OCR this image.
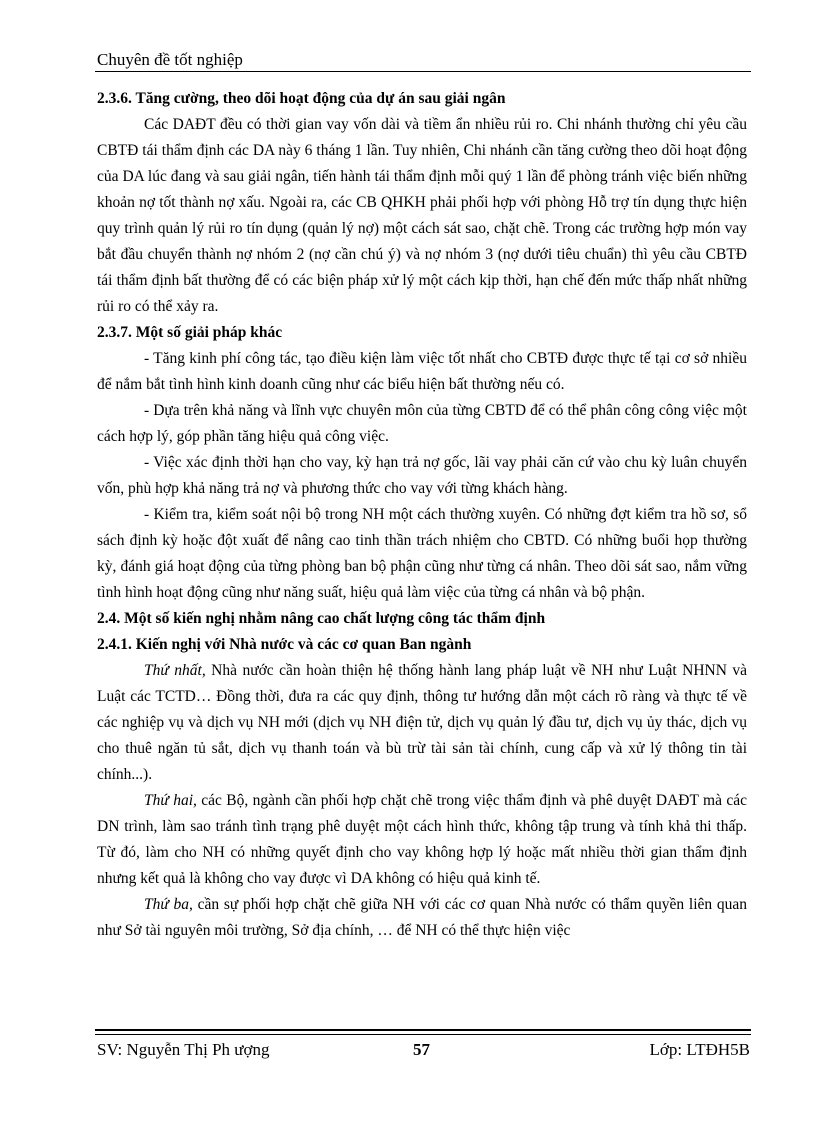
Chuyên đề tốt nghiệp

2.3.6. Tăng cường, theo dõi hoạt động của dự án sau giải ngân

Các DAĐT đều có thời gian vay vốn dài và tiềm ẩn nhiều rủi ro. Chi nhánh thường chỉ yêu cầu CBTĐ tái thẩm định các DA này 6 tháng 1 lần. Tuy nhiên, Chi nhánh cần tăng cường theo dõi hoạt động của DA lúc đang và sau giải ngân, tiến hành tái thẩm định mỗi quý 1 lần để phòng tránh việc biến những khoản nợ tốt thành nợ xấu. Ngoài ra, các CB QHKH phải phối hợp với phòng Hỗ trợ tín dụng thực hiện quy trình quản lý rủi ro tín dụng (quản lý nợ) một cách sát sao, chặt chẽ. Trong các trường hợp món vay bắt đầu chuyển thành nợ nhóm 2 (nợ cần chú ý) và nợ nhóm 3 (nợ dưới tiêu chuẩn) thì yêu cầu CBTĐ tái thẩm định bất thường để có các biện pháp xử lý một cách kịp thời, hạn chế đến mức thấp nhất những rủi ro có thể xảy ra.

2.3.7. Một số giải pháp khác

- Tăng kinh phí công tác, tạo điều kiện làm việc tốt nhất cho CBTĐ được thực tế tại cơ sở nhiều để nắm bắt tình hình kinh doanh cũng như các biểu hiện bất thường nếu có.

- Dựa trên khả năng và lĩnh vực chuyên môn của từng CBTD để có thể phân công công việc một cách hợp lý, góp phần tăng hiệu quả công việc.

- Việc xác định thời hạn cho vay, kỳ hạn trả nợ gốc, lãi vay phải căn cứ vào chu kỳ luân chuyển vốn, phù hợp khả năng trả nợ và phương thức cho vay với từng khách hàng.

- Kiểm tra, kiểm soát nội bộ trong NH một cách thường xuyên. Có những đợt kiểm tra hồ sơ, sổ sách định kỳ hoặc đột xuất để nâng cao tinh thần trách nhiệm cho CBTD. Có những buổi họp thường kỳ, đánh giá hoạt động của từng phòng ban bộ phận cũng như từng cá nhân. Theo dõi sát sao, nắm vững tình hình hoạt động cũng như năng suất, hiệu quả làm việc của từng cá nhân và bộ phận.

2.4. Một số kiến nghị nhằm nâng cao chất lượng công tác thẩm định

2.4.1. Kiến nghị với Nhà nước và các cơ quan Ban ngành

Thứ nhất, Nhà nước cần hoàn thiện hệ thống hành lang pháp luật về NH như Luật NHNN và Luật các TCTD… Đồng thời, đưa ra các quy định, thông tư hướng dẫn một cách rõ ràng và thực tế về các nghiệp vụ và dịch vụ NH mới (dịch vụ NH điện tử, dịch vụ quản lý đầu tư, dịch vụ ủy thác, dịch vụ cho thuê ngăn tủ sắt, dịch vụ thanh toán và bù trừ tài sản tài chính, cung cấp và xử lý thông tin tài chính...).

Thứ hai, các Bộ, ngành cần phối hợp chặt chẽ trong việc thẩm định và phê duyệt DAĐT mà các DN trình, làm sao tránh tình trạng phê duyệt một cách hình thức, không tập trung và tính khả thi thấp. Từ đó, làm cho NH có những quyết định cho vay không hợp lý hoặc mất nhiều thời gian thẩm định nhưng kết quả là không cho vay được vì DA không có hiệu quả kinh tế.

Thứ ba, cần sự phối hợp chặt chẽ giữa NH với các cơ quan Nhà nước có thẩm quyền liên quan như Sở tài nguyên môi trường, Sở địa chính, … để NH có thể thực hiện việc

SV: Nguyễn Thị Ph ượng	57	Lớp: LTĐH5B
